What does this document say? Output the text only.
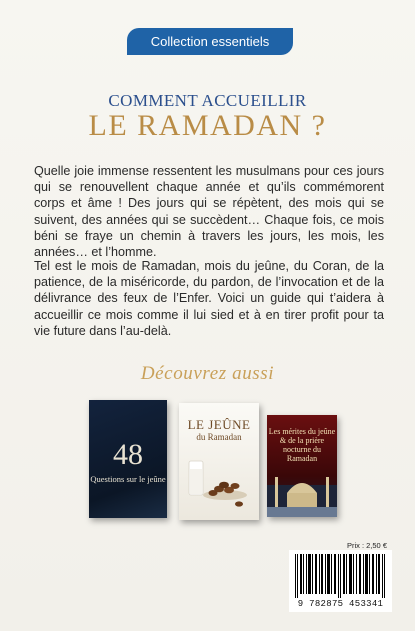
Collection essentiels
COMMENT ACCUEILLIR
LE RAMADAN ?
Quelle joie immense ressentent les musulmans pour ces jours qui se renouvellent chaque année et qu’ils commémorent corps et âme ! Des jours qui se répètent, des mois qui se suivent, des années qui se succèdent… Chaque fois, ce mois béni se fraye un chemin à travers les jours, les mois, les années… et l’homme.
Tel est le mois de Ramadan, mois du jeûne, du Coran, de la patience, de la miséricorde, du pardon, de l’invocation et de la délivrance des feux de l’Enfer. Voici un guide qui t’aidera à accueillir ce mois comme il lui sied et à en tirer profit pour ta vie future dans l’au-delà.
Découvrez aussi
48
Questions sur le jeûne
LE JEÛNE
du Ramadan
Les mérites du jeûne & de la prière nocturne du Ramadan
Prix : 2,50 €
9 782875 453341
